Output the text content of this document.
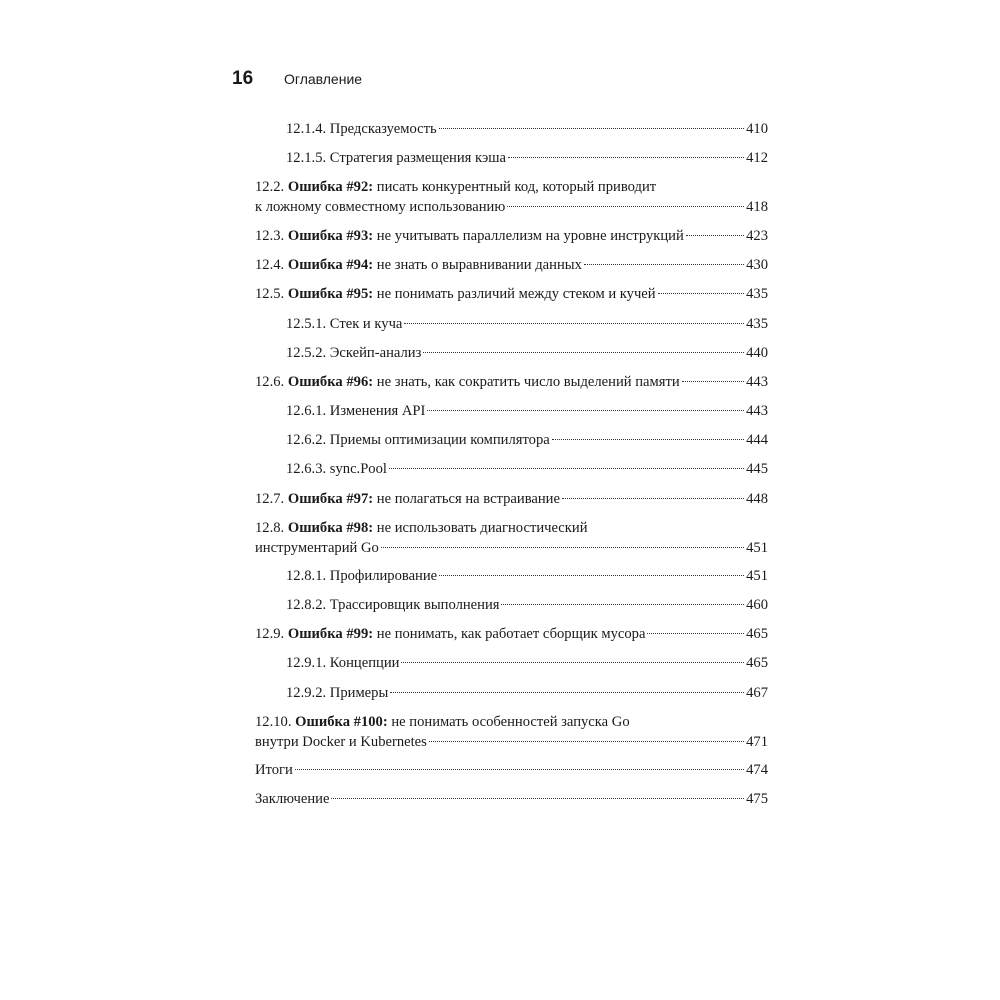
16	Оглавление
12.1.4. Предсказуемость	410
12.1.5. Стратегия размещения кэша	412
12.2. Ошибка #92: писать конкурентный код, который приводит
к ложному совместному использованию	418
12.3. Ошибка #93: не учитывать параллелизм на уровне инструкций	423
12.4. Ошибка #94: не знать о выравнивании данных	430
12.5. Ошибка #95: не понимать различий между стеком и кучей	435
12.5.1. Стек и куча	435
12.5.2. Эскейп-анализ	440
12.6. Ошибка #96: не знать, как сократить число выделений памяти	443
12.6.1. Изменения API	443
12.6.2. Приемы оптимизации компилятора	444
12.6.3. sync.Pool	445
12.7. Ошибка #97: не полагаться на встраивание	448
12.8. Ошибка #98: не использовать диагностический
инструментарий Go	451
12.8.1. Профилирование	451
12.8.2. Трассировщик выполнения	460
12.9. Ошибка #99: не понимать, как работает сборщик мусора	465
12.9.1. Концепции	465
12.9.2. Примеры	467
12.10. Ошибка #100: не понимать особенностей запуска Go
внутри Docker и Kubernetes	471
Итоги	474
Заключение	475
